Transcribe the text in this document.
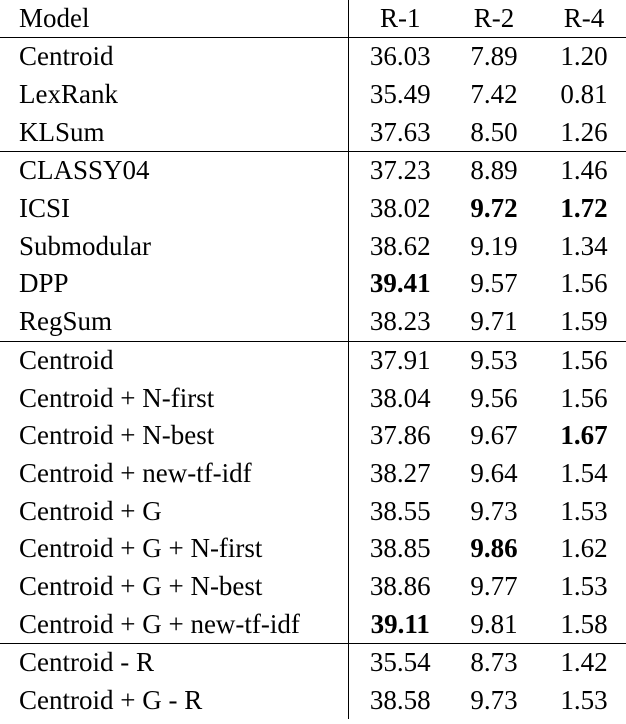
Model	R-1	R-2	R-4
Centroid	36.03	7.89	1.20
LexRank	35.49	7.42	0.81
KLSum	37.63	8.50	1.26
CLASSY04	37.23	8.89	1.46
ICSI	38.02	9.72	1.72
Submodular	38.62	9.19	1.34
DPP	39.41	9.57	1.56
RegSum	38.23	9.71	1.59
Centroid	37.91	9.53	1.56
Centroid + N-first	38.04	9.56	1.56
Centroid + N-best	37.86	9.67	1.67
Centroid + new-tf-idf	38.27	9.64	1.54
Centroid + G	38.55	9.73	1.53
Centroid + G + N-first	38.85	9.86	1.62
Centroid + G + N-best	38.86	9.77	1.53
Centroid + G + new-tf-idf	39.11	9.81	1.58
Centroid - R	35.54	8.73	1.42
Centroid + G - R	38.58	9.73	1.53
